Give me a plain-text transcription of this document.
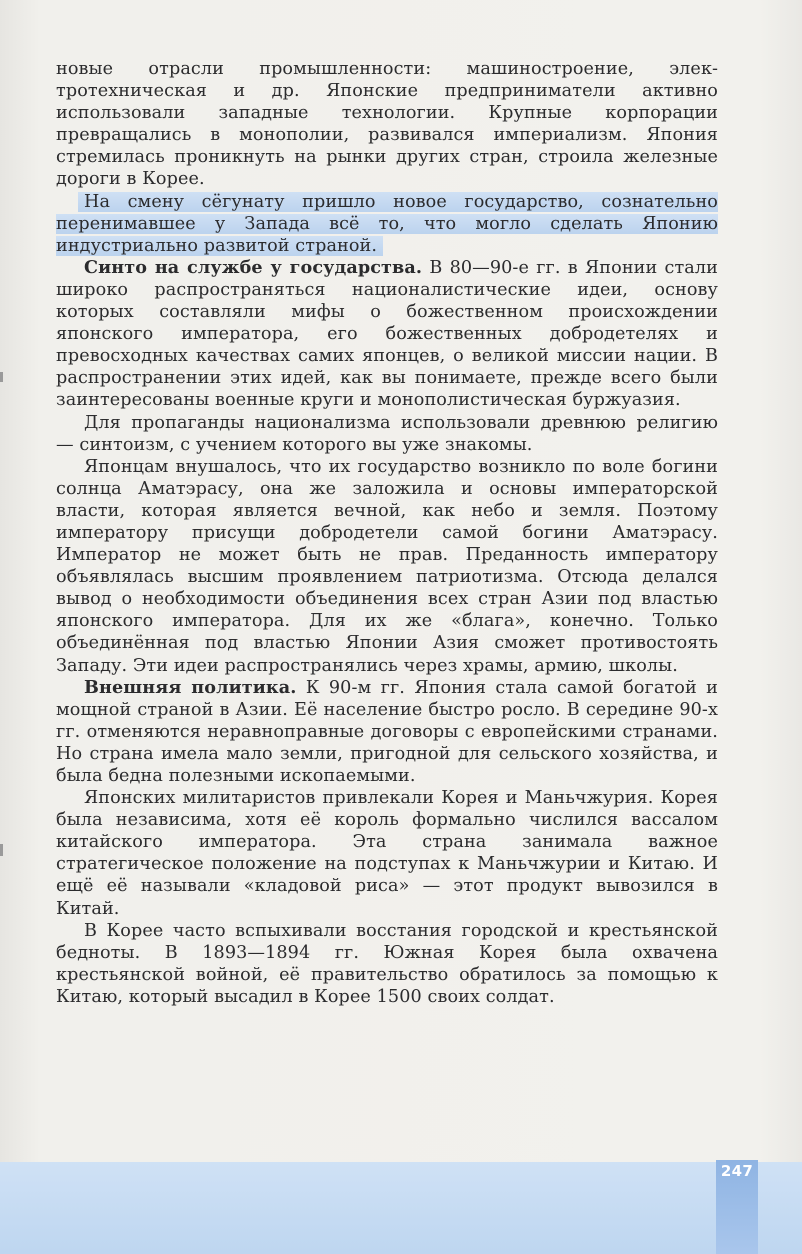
новые отрасли промышленности: машиностроение, электротехническая и др. Японские предприниматели активно использовали западные технологии. Крупные корпорации превращались в монополии, развивался империализм. Япония стремилась проникнуть на рынки других стран, строила железные дороги в Корее.

На смену сёгунату пришло новое государство, сознательно перенимавшее у Запада всё то, что могло сделать Японию индустриально развитой страной.

Синто на службе у государства. В 80—90-е гг. в Японии стали широко распространяться националистические идеи, основу которых составляли мифы о божественном происхождении японского императора, его божественных добродетелях и превосходных качествах самих японцев, о великой миссии нации. В распространении этих идей, как вы понимаете, прежде всего были заинтересованы военные круги и монополистическая буржуазия.

Для пропаганды национализма использовали древнюю религию — синтоизм, с учением которого вы уже знакомы.

Японцам внушалось, что их государство возникло по воле богини солнца Аматэрасу, она же заложила и основы императорской власти, которая является вечной, как небо и земля. Поэтому императору присущи добродетели самой богини Аматэрасу. Император не может быть не прав. Преданность императору объявлялась высшим проявлением патриотизма. Отсюда делался вывод о необходимости объединения всех стран Азии под властью японского императора. Для их же «блага», конечно. Только объединённая под властью Японии Азия сможет противостоять Западу. Эти идеи распространялись через храмы, армию, школы.

Внешняя политика. К 90-м гг. Япония стала самой богатой и мощной страной в Азии. Её население быстро росло. В середине 90-х гг. отменяются неравноправные договоры с европейскими странами. Но страна имела мало земли, пригодной для сельского хозяйства, и была бедна полезными ископаемыми.

Японских милитаристов привлекали Корея и Маньчжурия. Корея была независима, хотя её король формально числился вассалом китайского императора. Эта страна занимала важное стратегическое положение на подступах к Маньчжурии и Китаю. И ещё её называли «кладовой риса» — этот продукт вывозился в Китай.

В Корее часто вспыхивали восстания городской и крестьянской бедноты. В 1893—1894 гг. Южная Корея была охвачена крестьянской войной, её правительство обратилось за помощью к Китаю, который высадил в Корее 1500 своих солдат.

247
